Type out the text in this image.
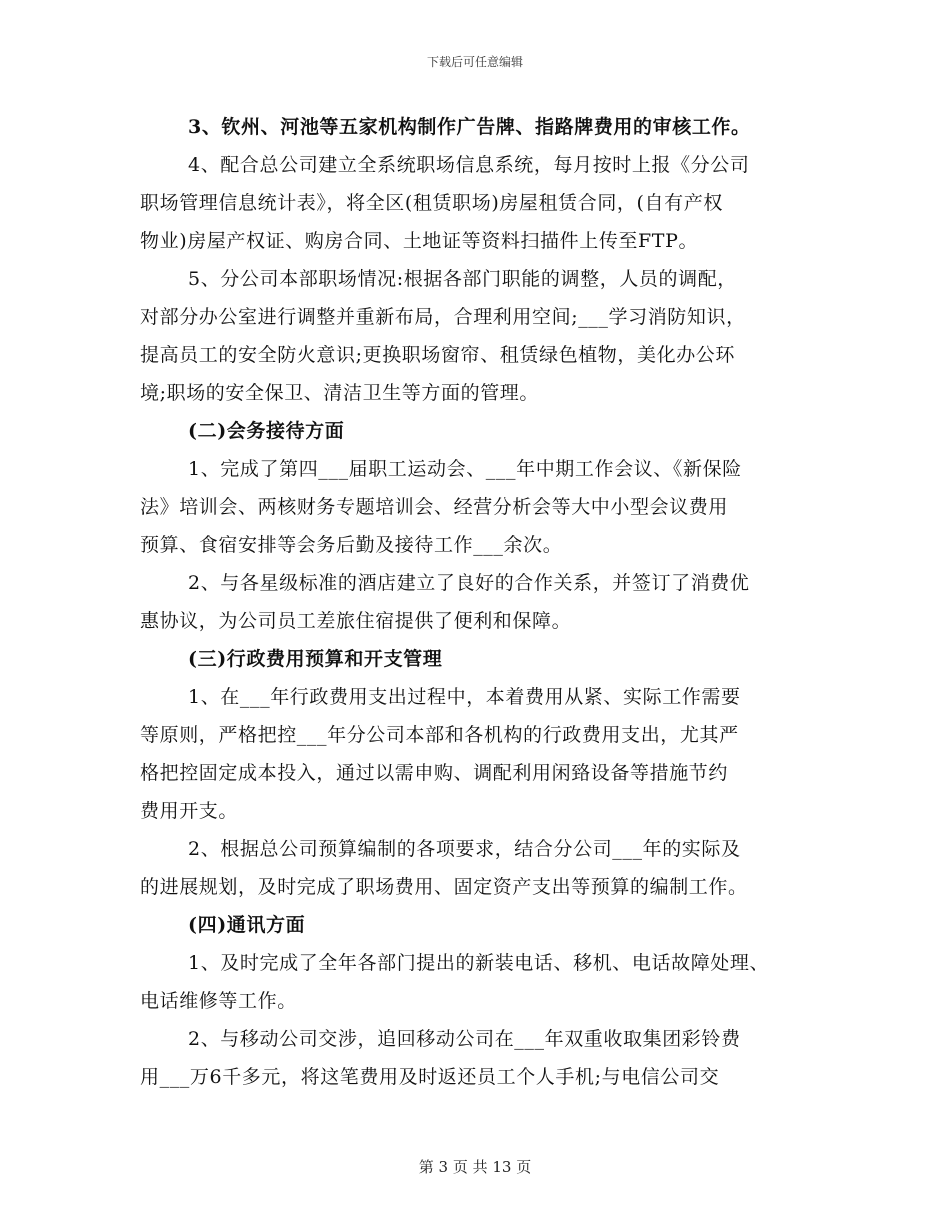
下载后可任意编辑
3、钦州、河池等五家机构制作广告牌、指路牌费用的审核工作。
4、配合总公司建立全系统职场信息系统，每月按时上报《分公司
职场管理信息统计表》，将全区(租赁职场)房屋租赁合同，(自有产权
物业)房屋产权证、购房合同、土地证等资料扫描件上传至FTP。
5、分公司本部职场情况:根据各部门职能的调整，人员的调配，
对部分办公室进行调整并重新布局，合理利用空间;___学习消防知识，
提高员工的安全防火意识;更换职场窗帘、租赁绿色植物，美化办公环
境;职场的安全保卫、清洁卫生等方面的管理。
(二)会务接待方面
1、完成了第四___届职工运动会、___年中期工作会议、《新保险
法》培训会、两核财务专题培训会、经营分析会等大中小型会议费用
预算、食宿安排等会务后勤及接待工作___余次。
2、与各星级标准的酒店建立了良好的合作关系，并签订了消费优
惠协议，为公司员工差旅住宿提供了便利和保障。
(三)行政费用预算和开支管理
1、在___年行政费用支出过程中，本着费用从紧、实际工作需要
等原则，严格把控___年分公司本部和各机构的行政费用支出，尤其严
格把控固定成本投入，通过以需申购、调配利用闲臵设备等措施节约
费用开支。
2、根据总公司预算编制的各项要求，结合分公司___年的实际及
的进展规划，及时完成了职场费用、固定资产支出等预算的编制工作。
(四)通讯方面
1、及时完成了全年各部门提出的新装电话、移机、电话故障处理、
电话维修等工作。
2、与移动公司交涉，追回移动公司在___年双重收取集团彩铃费
用___万6千多元，将这笔费用及时返还员工个人手机;与电信公司交
第 3 页 共 13 页
